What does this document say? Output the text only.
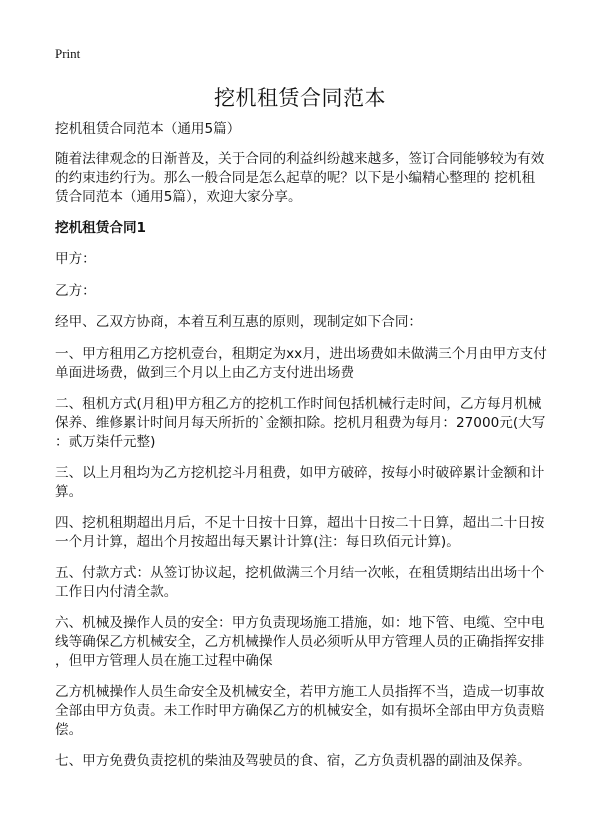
Print
挖机租赁合同范本
挖机租赁合同范本（通用5篇）
随着法律观念的日渐普及，关于合同的利益纠纷越来越多，签订合同能够较为有效
的约束违约行为。那么一般合同是怎么起草的呢？以下是小编精心整理的 挖机租
赁合同范本（通用5篇），欢迎大家分享。
挖机租赁合同1
甲方：
乙方：
经甲、乙双方协商，本着互利互惠的原则，现制定如下合同：
一、甲方租用乙方挖机壹台，租期定为xx月，进出场费如未做满三个月由甲方支付
单面进场费，做到三个月以上由乙方支付进出场费
二、租机方式(月租)甲方租乙方的挖机工作时间包括机械行走时间，乙方每月机械
保养、维修累计时间月每天所折的`金额扣除。挖机月租费为每月：27000元(大写
：贰万柒仟元整)
三、以上月租均为乙方挖机挖斗月租费，如甲方破碎，按每小时破碎累计金额和计
算。
四、挖机租期超出月后，不足十日按十日算，超出十日按二十日算，超出二十日按
一个月计算，超出个月按超出每天累计计算(注：每日玖佰元计算)。
五、付款方式：从签订协议起，挖机做满三个月结一次帐，在租赁期结出出场十个
工作日内付清全款。
六、机械及操作人员的安全：甲方负责现场施工措施，如：地下管、电缆、空中电
线等确保乙方机械安全，乙方机械操作人员必须听从甲方管理人员的正确指挥安排
，但甲方管理人员在施工过程中确保
乙方机械操作人员生命安全及机械安全，若甲方施工人员指挥不当，造成一切事故
全部由甲方负责。未工作时甲方确保乙方的机械安全，如有损坏全部由甲方负责赔
偿。
七、甲方免费负责挖机的柴油及驾驶员的食、宿，乙方负责机器的副油及保养。
